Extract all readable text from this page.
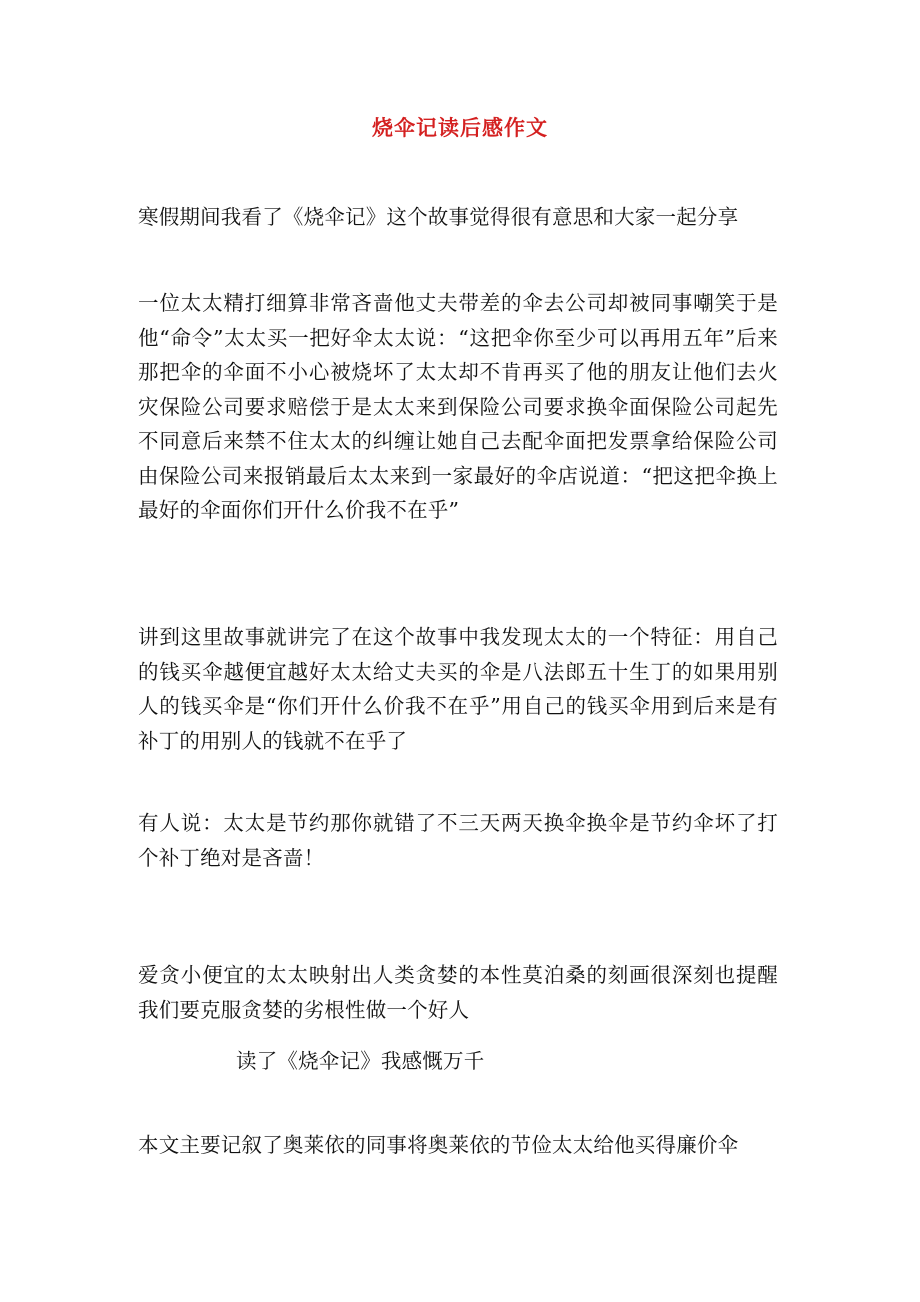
烧伞记读后感作文

寒假期间我看了《烧伞记》这个故事觉得很有意思和大家一起分享

一位太太精打细算非常吝啬他丈夫带差的伞去公司却被同事嘲笑于是他“命令”太太买一把好伞太太说：“这把伞你至少可以再用五年”后来那把伞的伞面不小心被烧坏了太太却不肯再买了他的朋友让他们去火灾保险公司要求赔偿于是太太来到保险公司要求换伞面保险公司起先不同意后来禁不住太太的纠缠让她自己去配伞面把发票拿给保险公司由保险公司来报销最后太太来到一家最好的伞店说道：“把这把伞换上最好的伞面你们开什么价我不在乎”

讲到这里故事就讲完了在这个故事中我发现太太的一个特征：用自己的钱买伞越便宜越好太太给丈夫买的伞是八法郎五十生丁的如果用别人的钱买伞是“你们开什么价我不在乎”用自己的钱买伞用到后来是有补丁的用别人的钱就不在乎了

有人说：太太是节约那你就错了不三天两天换伞换伞是节约伞坏了打个补丁绝对是吝啬！

爱贪小便宜的太太映射出人类贪婪的本性莫泊桑的刻画很深刻也提醒我们要克服贪婪的劣根性做一个好人

读了《烧伞记》我感慨万千

本文主要记叙了奥莱依的同事将奥莱依的节俭太太给他买得廉价伞
